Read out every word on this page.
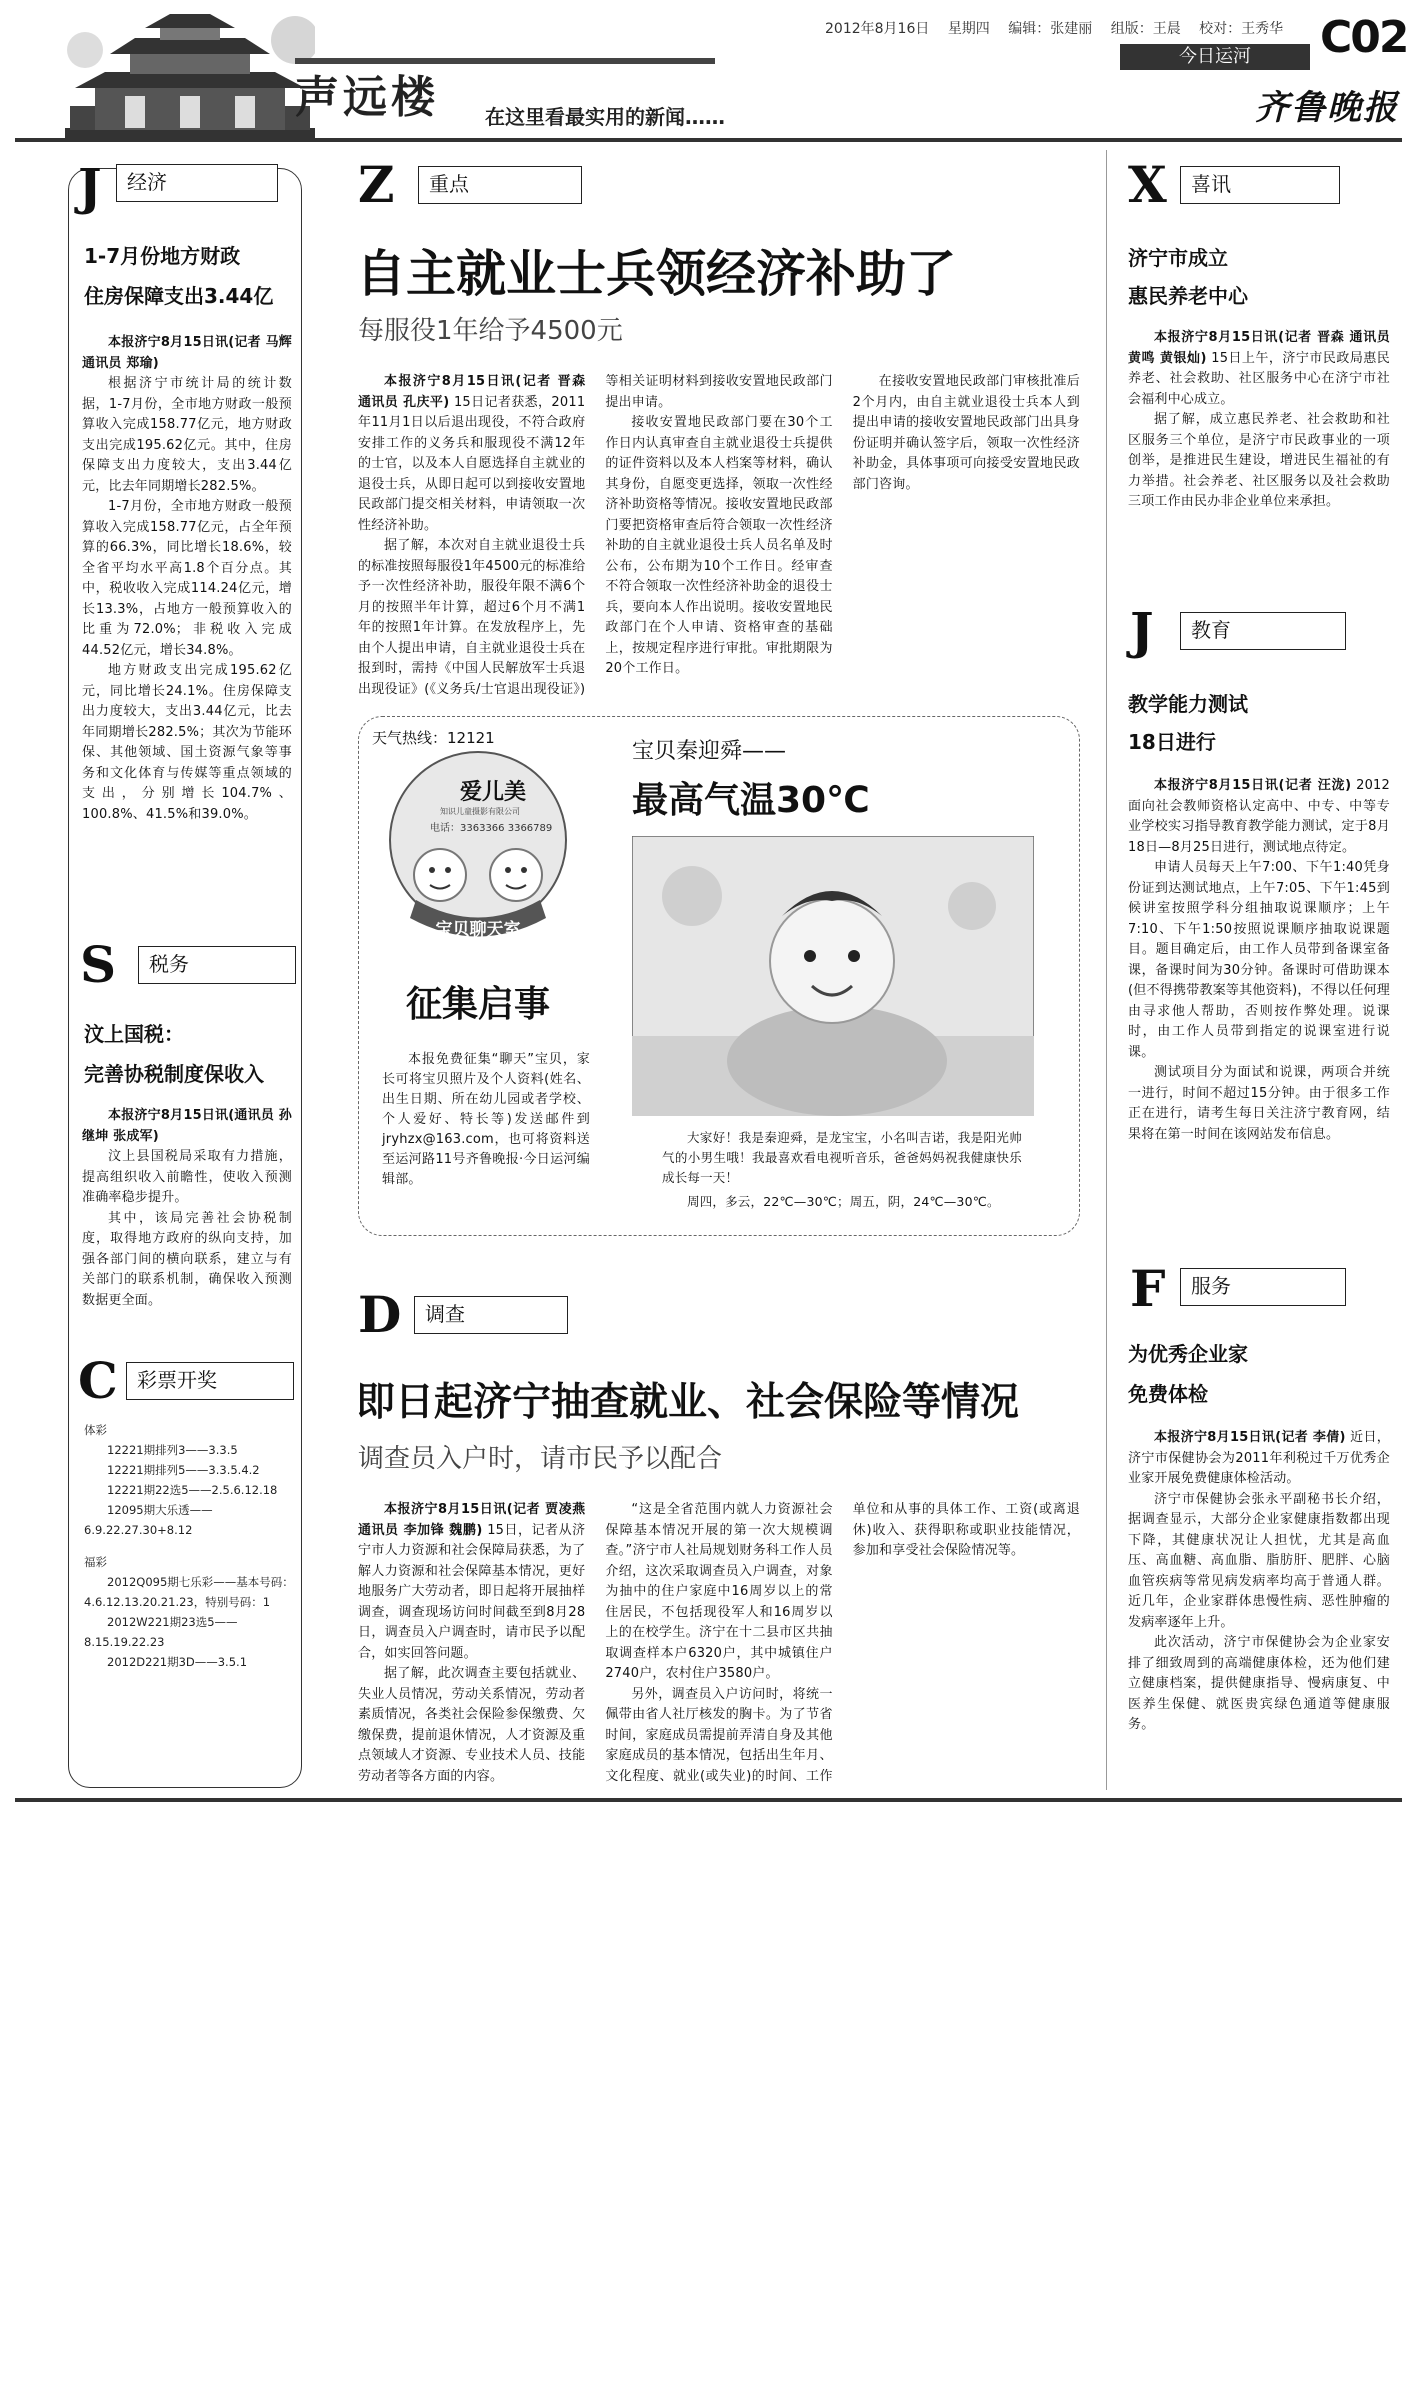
声远楼 在这里看最实用的新闻……
2012年8月16日 星期四 编辑：张建丽 组版：王晨 校对：王秀华 C02
今日运河
齐鲁晚报
J	经济
1-7月份地方财政
住房保障支出3.44亿

本报济宁8月15日讯(记者 马辉 通讯员 郑瑜)

根据济宁市统计局的统计数据，1-7月份，全市地方财政一般预算收入完成158.77亿元，地方财政支出完成195.62亿元。其中，住房保障支出力度较大，支出3.44亿元，比去年同期增长282.5%。

1-7月份，全市地方财政一般预算收入完成158.77亿元，占全年预算的66.3%，同比增长18.6%，较全省平均水平高1.8个百分点。其中，税收收入完成114.24亿元，增长13.3%，占地方一般预算收入的比重为72.0%；非税收入完成44.52亿元，增长34.8%。

地方财政支出完成195.62亿元，同比增长24.1%。住房保障支出力度较大，支出3.44亿元，比去年同期增长282.5%；其次为节能环保、其他领域、国土资源气象等事务和文化体育与传媒等重点领域的支出，分别增长104.7%、100.8%、41.5%和39.0%。

S	税务
汶上国税：
完善协税制度保收入

本报济宁8月15日讯(通讯员 孙继坤 张成军)

汶上县国税局采取有力措施，提高组织收入前瞻性，使收入预测准确率稳步提升。

其中，该局完善社会协税制度，取得地方政府的纵向支持，加强各部门间的横向联系，建立与有关部门的联系机制，确保收入预测数据更全面。

C 彩票开奖
体彩
12221期排列3——3.3.5
12221期排列5——3.3.5.4.2
12221期22选5——2.5.6.12.18
12095期大乐透——6.9.22.27.30+8.12
福彩
2012Q095期七乐彩——基本号码：4.6.12.13.20.21.23，特别号码：1
2012W221期23选5——8.15.19.22.23
2012D221期3D——3.5.1
Z	重点
自主就业士兵领经济补助了
每服役1年给予4500元

本报济宁8月15日讯(记者 晋森 通讯员 孔庆平) 15日记者获悉，2011年11月1日以后退出现役，不符合政府安排工作的义务兵和服现役不满12年的士官，以及本人自愿选择自主就业的退役士兵，从即日起可以到接收安置地民政部门提交相关材料，申请领取一次性经济补助。

据了解，本次对自主就业退役士兵的标准按照每服役1年4500元的标准给予一次性经济补助，服役年限不满6个月的按照半年计算，超过6个月不满1年的按照1年计算。在发放程序上，先由个人提出申请，自主就业退役士兵在报到时，需持《中国人民解放军士兵退出现役证》(《义务兵/士官退出现役证》)等相关证明材料到接收安置地民政部门提出申请。

接收安置地民政部门要在30个工作日内认真审查自主就业退役士兵提供的证件资料以及本人档案等材料，确认其身份，自愿变更选择，领取一次性经济补助资格等情况。接收安置地民政部门要把资格审查后符合领取一次性经济补助的自主就业退役士兵人员名单及时公布，公布期为10个工作日。经审查不符合领取一次性经济补助金的退役士兵，要向本人作出说明。接收安置地民政部门在个人申请、资格审查的基础上，按规定程序进行审批。审批期限为20个工作日。

在接收安置地民政部门审核批准后2个月内，由自主就业退役士兵本人到提出申请的接收安置地民政部门出具身份证明并确认签字后，领取一次性经济补助金，具体事项可向接受安置地民政部门咨询。

天气热线：12121
爱儿美
知识儿童摄影有限公司
电话：3363366 3366789
宝贝聊天室
征集启事

本报免费征集“聊天”宝贝，家长可将宝贝照片及个人资料(姓名、出生日期、所在幼儿园或者学校、个人爱好、特长等)发送邮件到jryhzx@163.com，也可将资料送至运河路11号齐鲁晚报·今日运河编辑部。

宝贝秦迎舜——
最高气温30℃

大家好！我是秦迎舜，是龙宝宝，小名叫吉诺，我是阳光帅气的小男生哦！我最喜欢看电视听音乐，爸爸妈妈祝我健康快乐成长每一天！

周四，多云，22℃—30℃；周五，阴，24℃—30℃。

D	调查
即日起济宁抽查就业、社会保险等情况
调查员入户时，请市民予以配合

本报济宁8月15日讯(记者 贾凌燕 通讯员 李加锋 魏鹏) 15日，记者从济宁市人力资源和社会保障局获悉，为了解人力资源和社会保障基本情况，更好地服务广大劳动者，即日起将开展抽样调查，调查现场访问时间截至到8月28日，调查员入户调查时，请市民予以配合，如实回答问题。

据了解，此次调查主要包括就业、失业人员情况，劳动关系情况，劳动者素质情况，各类社会保险参保缴费、欠缴保费，提前退休情况，人才资源及重点领域人才资源、专业技术人员、技能劳动者等各方面的内容。

“这是全省范围内就人力资源社会保障基本情况开展的第一次大规模调查。”济宁市人社局规划财务科工作人员介绍，这次采取调查员入户调查，对象为抽中的住户家庭中16周岁以上的常住居民，不包括现役军人和16周岁以上的在校学生。济宁在十二县市区共抽取调查样本户6320户，其中城镇住户2740户，农村住户3580户。

另外，调查员入户访问时，将统一佩带由省人社厅核发的胸卡。为了节省时间，家庭成员需提前弄清自身及其他家庭成员的基本情况，包括出生年月、文化程度、就业(或失业)的时间、工作单位和从事的具体工作、工资(或离退休)收入、获得职称或职业技能情况，参加和享受社会保险情况等。

X	喜讯
济宁市成立
惠民养老中心

本报济宁8月15日讯(记者 晋森 通讯员 黄鸣 黄银灿) 15日上午，济宁市民政局惠民养老、社会救助、社区服务中心在济宁市社会福利中心成立。

据了解，成立惠民养老、社会救助和社区服务三个单位，是济宁市民政事业的一项创举，是推进民生建设，增进民生福祉的有力举措。社会养老、社区服务以及社会救助三项工作由民办非企业单位来承担。

J	教育
教学能力测试
18日进行

本报济宁8月15日讯(记者 汪泷) 2012面向社会教师资格认定高中、中专、中等专业学校实习指导教育教学能力测试，定于8月18日—8月25日进行，测试地点待定。

申请人员每天上午7:00、下午1:40凭身份证到达测试地点，上午7:05、下午1:45到候讲室按照学科分组抽取说课顺序；上午7:10、下午1:50按照说课顺序抽取说课题目。题目确定后，由工作人员带到备课室备课，备课时间为30分钟。备课时可借助课本(但不得携带教案等其他资料)，不得以任何理由寻求他人帮助，否则按作弊处理。说课时，由工作人员带到指定的说课室进行说课。

测试项目分为面试和说课，两项合并统一进行，时间不超过15分钟。由于很多工作正在进行，请考生每日关注济宁教育网，结果将在第一时间在该网站发布信息。

F	服务
为优秀企业家
免费体检

本报济宁8月15日讯(记者 李倩) 近日，济宁市保健协会为2011年利税过千万优秀企业家开展免费健康体检活动。

济宁市保健协会张永平副秘书长介绍，据调查显示，大部分企业家健康指数都出现下降，其健康状况让人担忧，尤其是高血压、高血糖、高血脂、脂肪肝、肥胖、心脑血管疾病等常见病发病率均高于普通人群。近几年，企业家群体患慢性病、恶性肿瘤的发病率逐年上升。

此次活动，济宁市保健协会为企业家安排了细致周到的高端健康体检，还为他们建立健康档案，提供健康指导、慢病康复、中医养生保健、就医贵宾绿色通道等健康服务。
